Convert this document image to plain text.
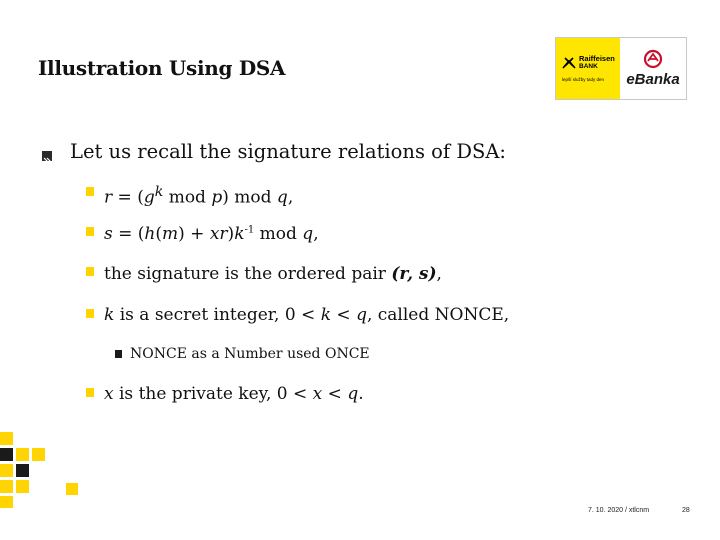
Illustration Using DSA	Raiffeisen
BANK
lepší služby tady den	eBanka
Let us recall the signature relations of DSA:
$r = (g^k$ mod p) mod q,
$s = (h(m) + xr)k^{-1}$ mod q,
the signature is the ordered pair (r, s),
k is a secret integer, 0 < k < q, called NONCE,
NONCE as a Number used ONCE
x is the private key, 0 < x < q.
7. 10. 2020 / xtlcnm	28
